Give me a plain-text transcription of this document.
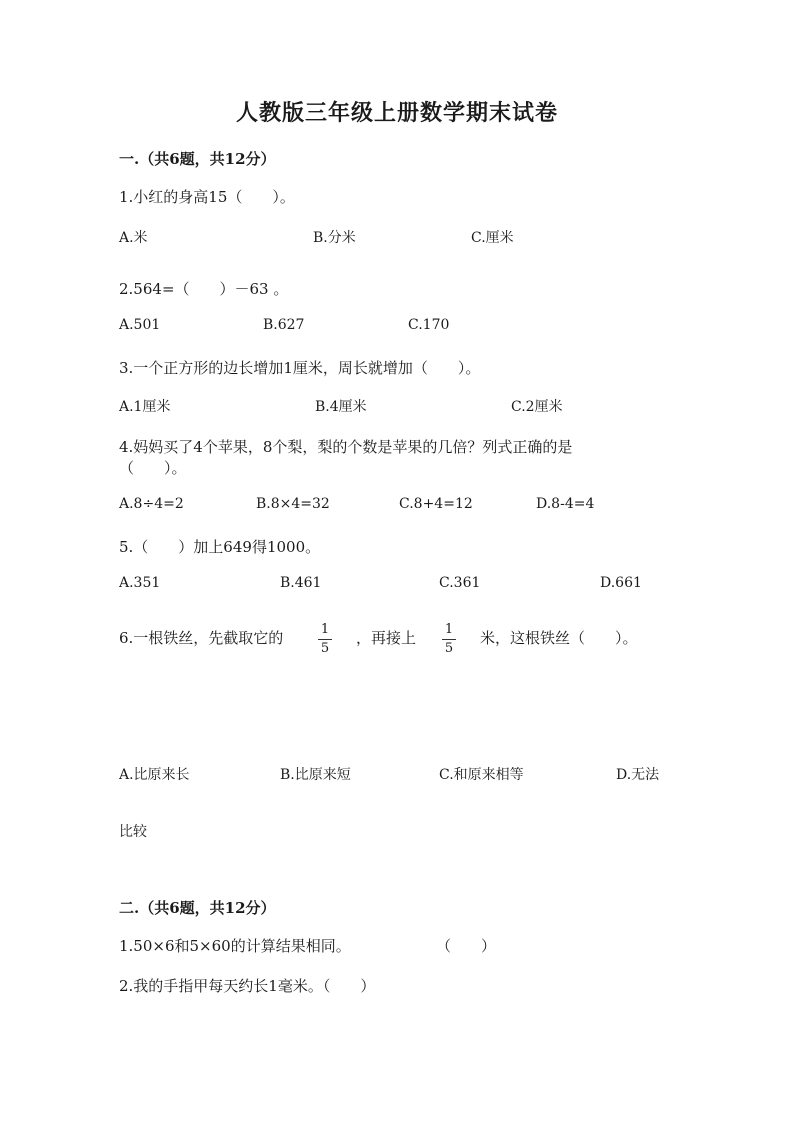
人教版三年级上册数学期末试卷
一.（共6题，共12分）
1.小红的身高15（　　）。
A.米	B.分米	C.厘米
2.564=（　　）－63 。
A.501	B.627	C.170
3.一个正方形的边长增加1厘米，周长就增加（　　）。
A.1厘米	B.4厘米	C.2厘米
4.妈妈买了4个苹果，8个梨，梨的个数是苹果的几倍？列式正确的是
（　　）。
A.8÷4=2	B.8×4=32	C.8+4=12	D.8-4=4
5.（　　）加上649得1000。
A.351	B.461	C.361	D.661
6.一根铁丝，先截取它的	$\frac{1}{5}$ ，再接上 $\frac{1}{5}$ 米，这根铁丝（　　）。
A.比原来长	B.比原来短	C.和原来相等	D.无法
比较
二.（共6题，共12分）
1.50×6和5×60的计算结果相同。	（　　）
2.我的手指甲每天约长1毫米。（　　）
